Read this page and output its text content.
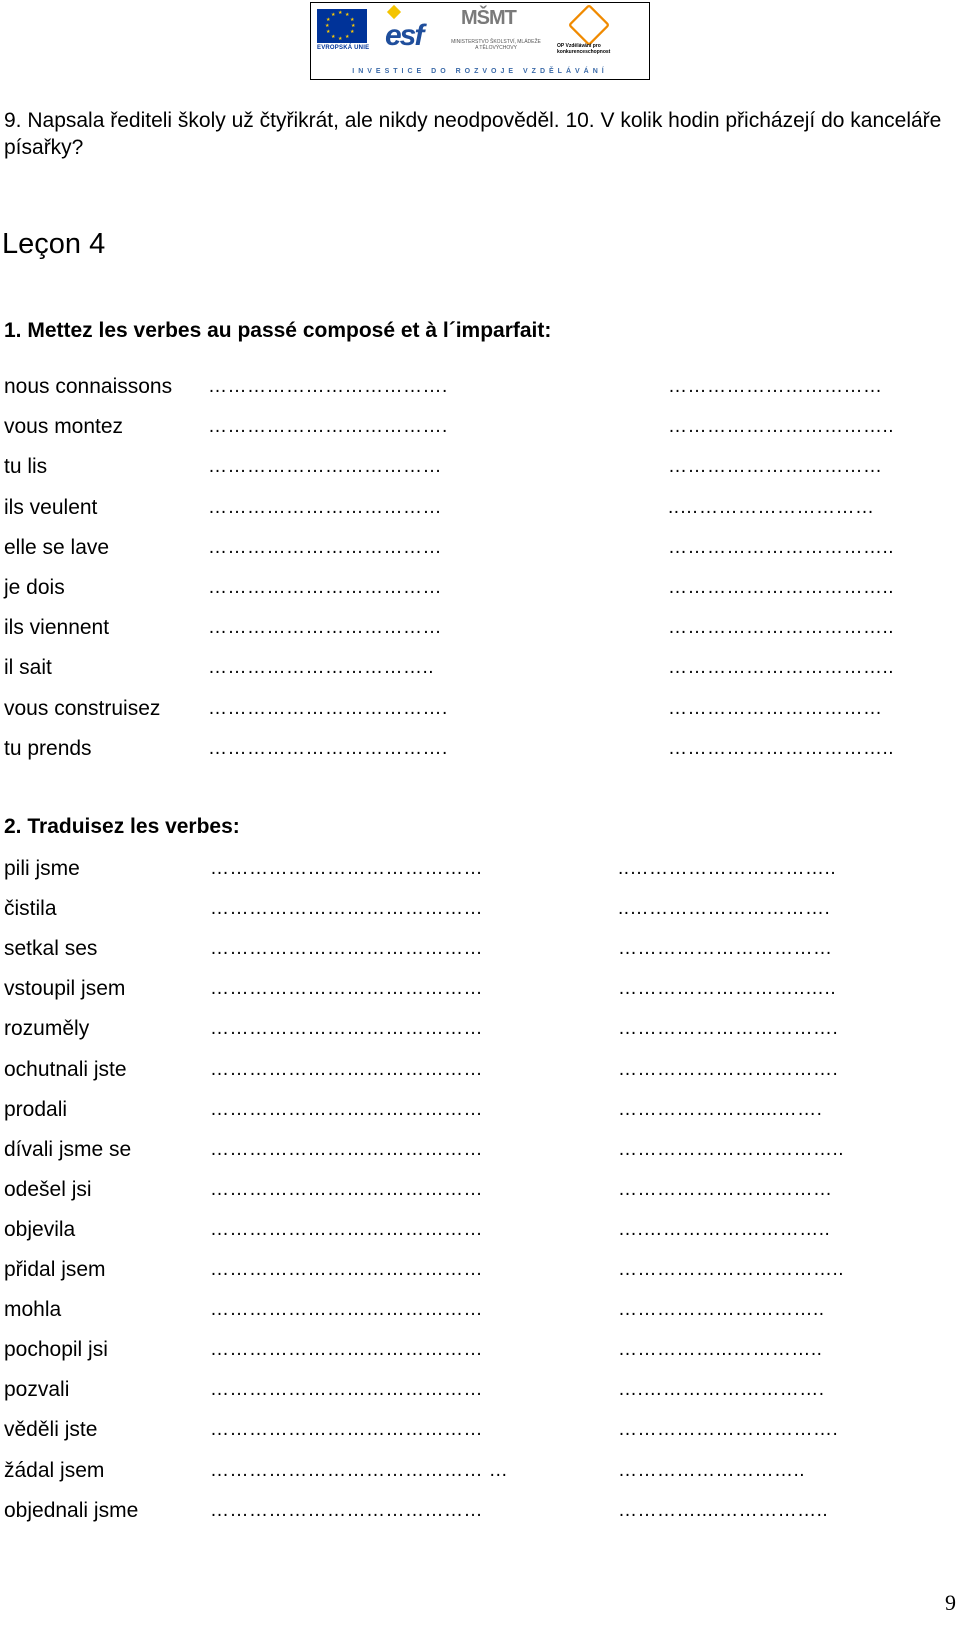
★ ★
★
★
★
★
★
★
★
★
★
★
EVROPSKÁ UNIE esf
MŠMT
MINISTERSTVO ŠKOLSTVÍ, MLÁDEŽE A TĚLOVÝCHOVY	OP Vzdělávání pro konkurenceschopnost
INVESTICE DO ROZVOJE VZDĚLÁVÁNÍ
9. Napsala řediteli školy už čtyřikrát, ale nikdy neodpověděl. 10. V kolik hodin přicházejí do kanceláře písařky?
Leçon 4
1. Mettez les verbes au passé composé et à l´imparfait:
nous connaissons ……………………………….	……………………………
vous montez	……………………………….	……………………………..
tu lis	………………………………	……………………………
ils veulent	………………………………	..…………………………
elle se lave	………………………………	……………………………..
je dois	………………………………	……………………………..
ils viennent	………………………………	……………………………..
il sait	……………………………..	……………………………..
vous construisez	……………………………….	……………………………
tu prends	……………………………….	……………………………..
2. Traduisez les verbes:
pili jsme	……………………………………	..…………………………..
čistila	……………………………………	..………………………….
setkal ses	……………………………………	……………………………
vstoupil jsem	……………………………………	………………………..…..
rozuměly	……………………………………	…………………………….
ochutnali jste	……………………………………	…………………………….
prodali	……………………………………	…………………....…….
dívali jsme se	……………………………………	……………………………..
odešel jsi	……………………………………	……………………………
objevila	……………………………………	….………………………..
přidal jsem	……………………………………	……………………………..
mohla	……………………………………	…………………………..
pochopil jsi	……………………………………	……………...…………..
pozvali	……………………………………	….……………………….
věděli jste	……………………………………	…………………………….
žádal jsem	…………………………………… …	………………………..
objednali jsme	……………………………………	…………....……………..
9
